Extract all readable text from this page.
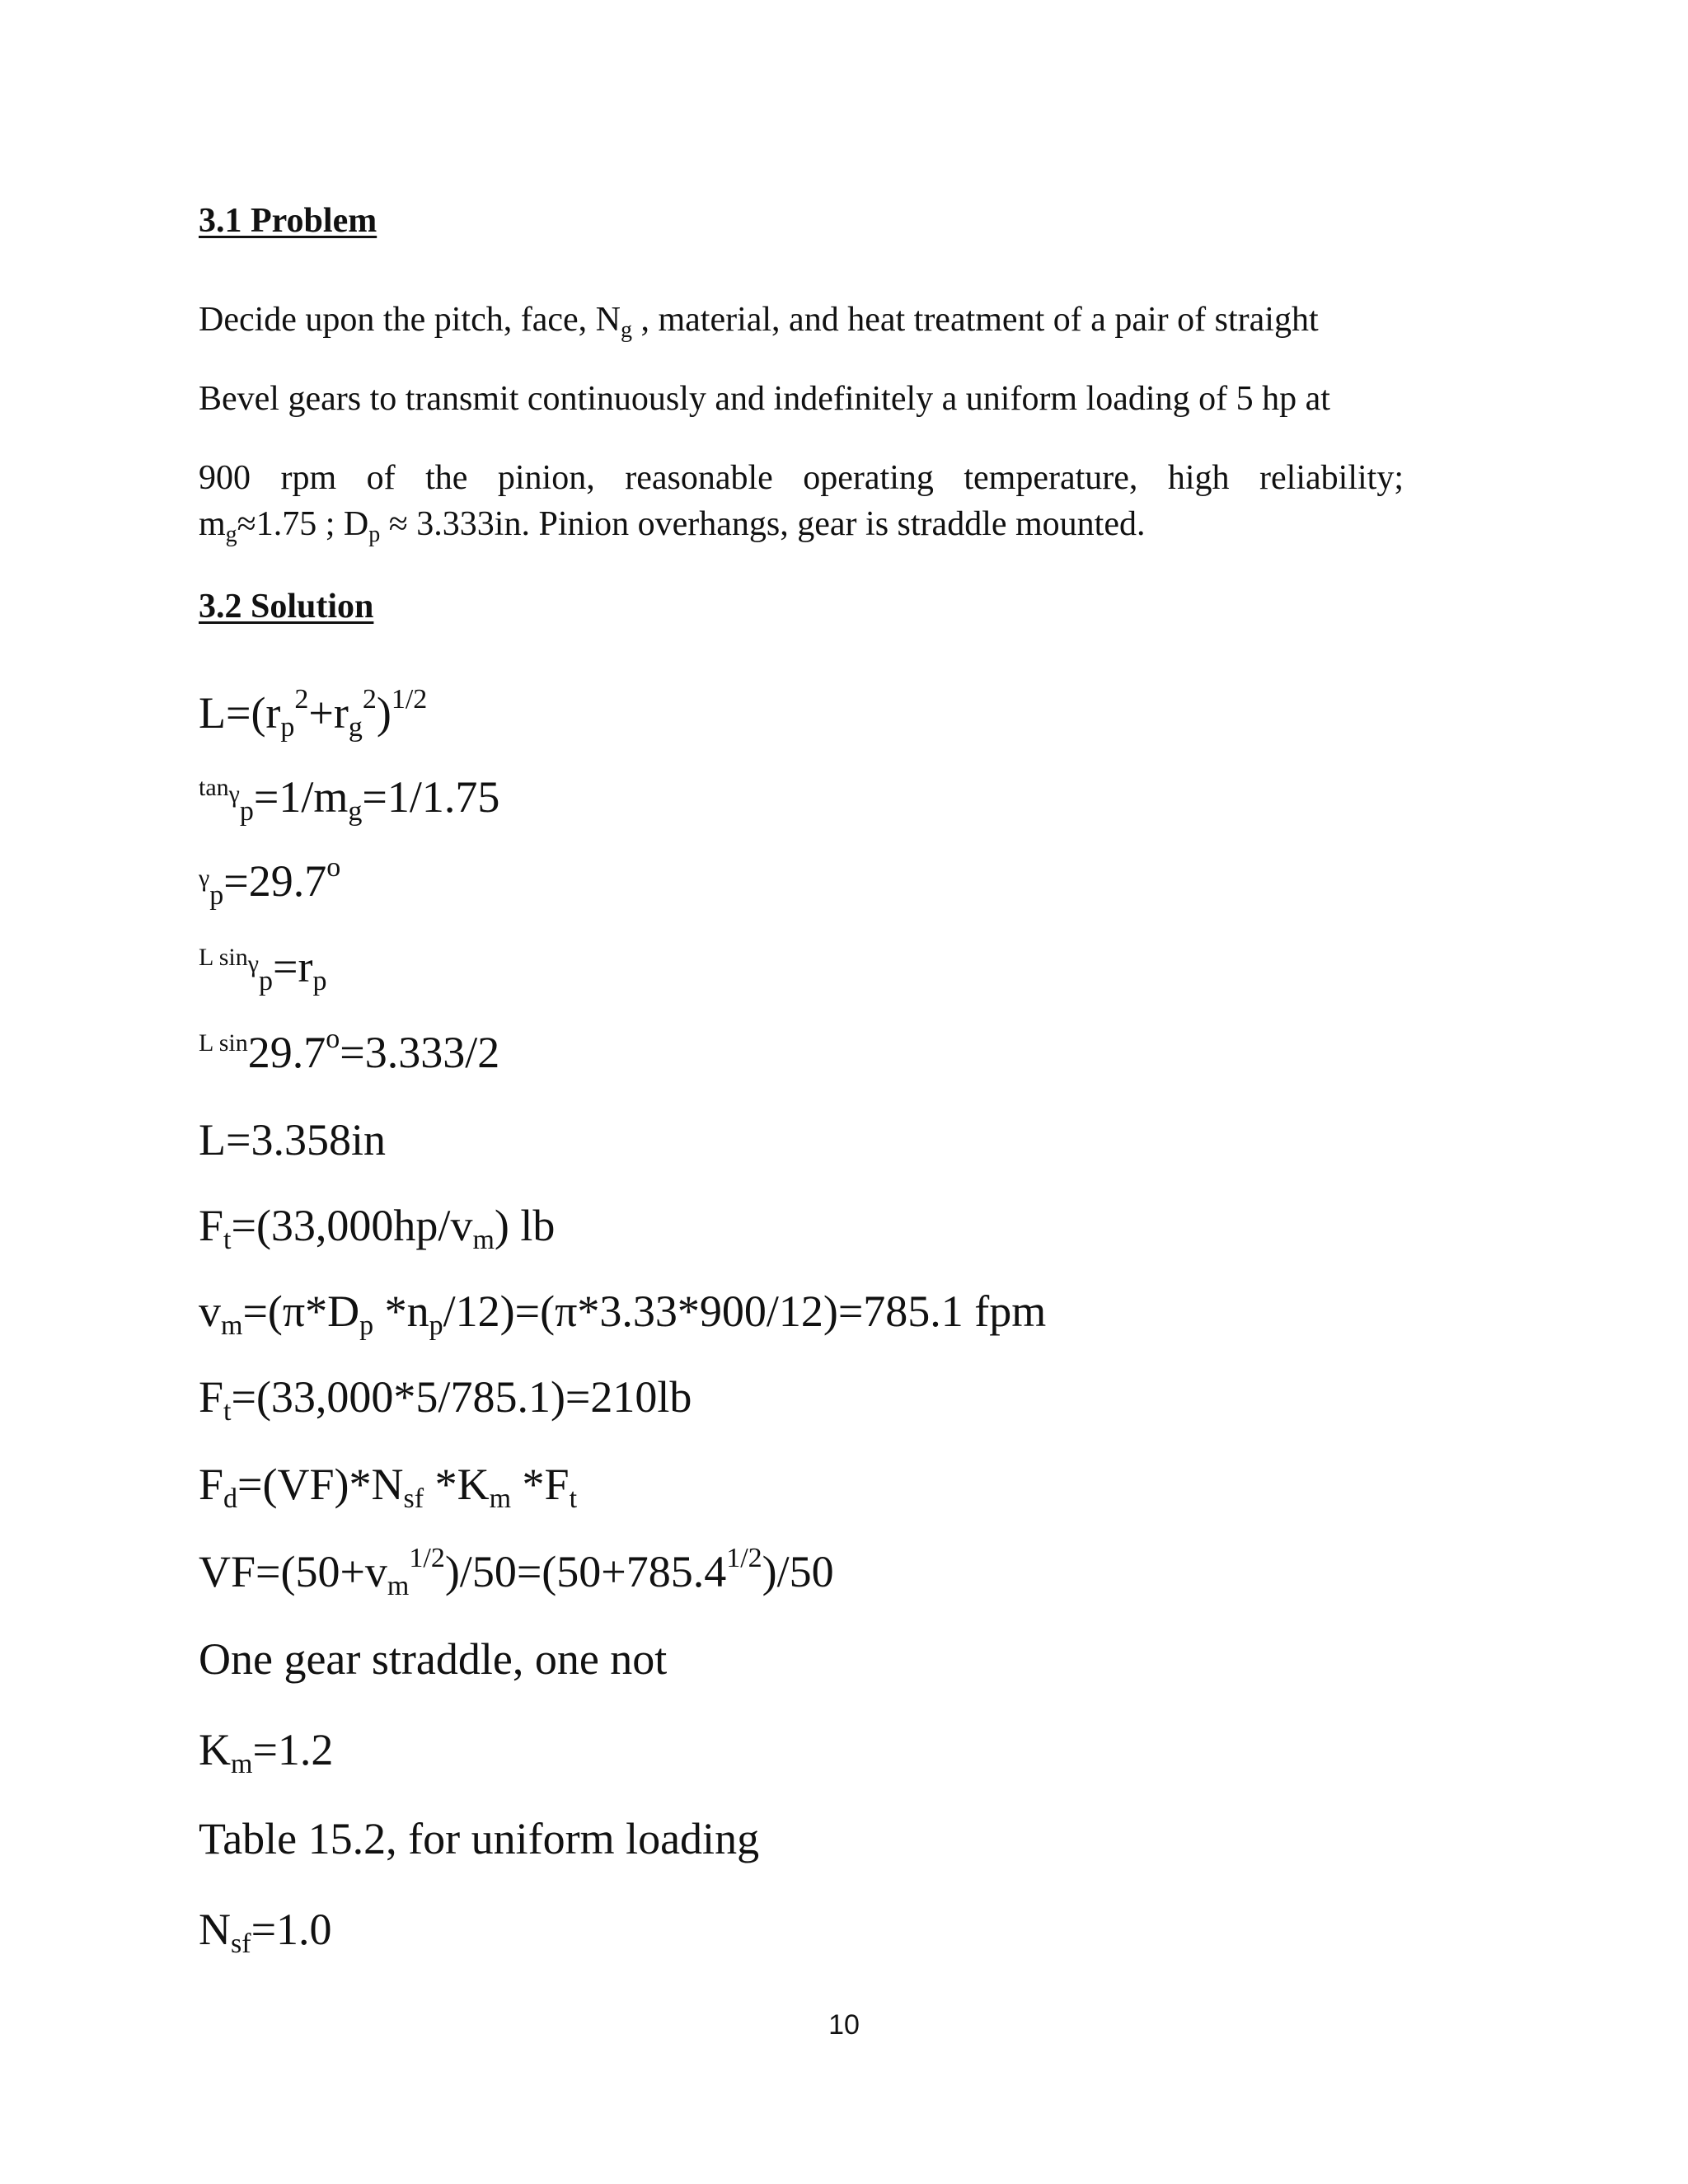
3.1 Problem
Decide upon the pitch, face, $N_g$ , material, and heat treatment of a pair of straight
Bevel gears to transmit continuously and indefinitely a uniform loading of 5 hp at
900 rpm of the pinion, reasonable operating temperature, high reliability;
$m_g\approx 1.75$ ; $D_p \approx 3.333in$. Pinion overhangs, gear is straddle mounted.
3.2 Solution
$L=(r_p^2+r_g^2)^{1/2}$
$^{tan\gamma}_p=1/m_g=1/1.75$
$^\gamma_p=29.7^o$
$^{L sin\gamma}_p=r_p$
$^{L sin}29.7^o=3.333/2$
L=3.358in
$F_t=(33,000hp/v_m)$ lb
$v_m=(\pi*D_p$ $*n_p/12)=(\pi*3.33*900/12)=785.1$ fpm
$F_t=(33,000*5/785.1)=210lb$
$F_d=(VF)*N_{sf}$ $*K_m$ $*F_t$
$VF=(50+v_m^{1/2})/50=(50+785.4^{1/2})/50$
One gear straddle, one not
$K_m=1.2$
Table 15.2, for uniform loading
$N_{sf}=1.0$
10
